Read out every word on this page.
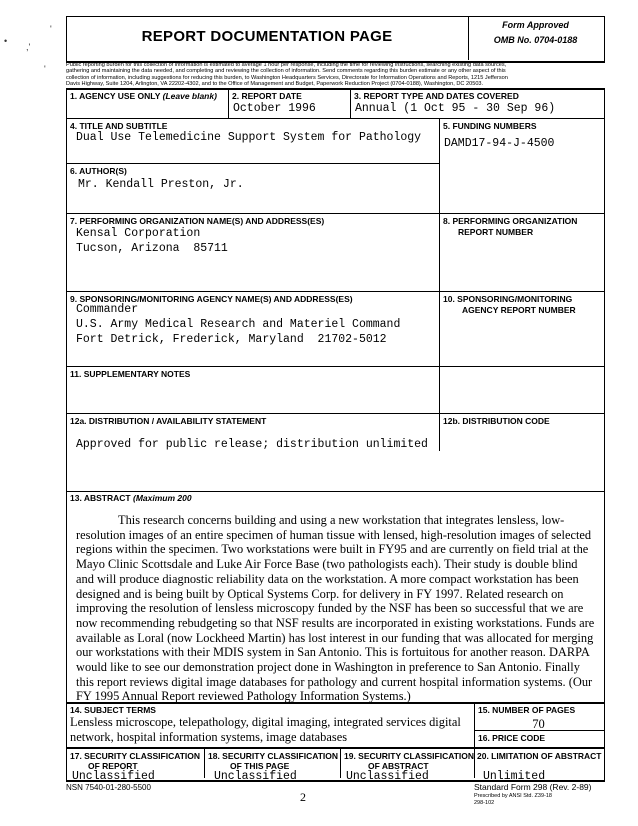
•
,'
'
'
REPORT DOCUMENTATION PAGE
Form Approved
OMB No. 0704-0188
Public reporting burden for this collection of information is estimated to average 1 hour per response, including the time for reviewing instructions, searching existing data sources,
gathering and maintaining the data needed, and completing and reviewing the collection of information. Send comments regarding this burden estimate or any other aspect of this
collection of information, including suggestions for reducing this burden, to Washington Headquarters Services, Directorate for Information Operations and Reports, 1215 Jefferson
Davis Highway, Suite 1204, Arlington, VA 22202-4302, and to the Office of Management and Budget, Paperwork Reduction Project (0704-0188), Washington, DC 20503.
1. AGENCY USE ONLY (Leave blank) 2. REPORT DATE
October 1996
3. REPORT TYPE AND DATES COVERED
Annual (1 Oct 95 - 30 Sep 96)
4. TITLE AND SUBTITLE
Dual Use Telemedicine Support System for Pathology
5. FUNDING NUMBERS
DAMD17-94-J-4500
6. AUTHOR(S)
Mr. Kendall Preston, Jr.
7. PERFORMING ORGANIZATION NAME(S) AND ADDRESS(ES)
Kensal Corporation
Tucson, Arizona  85711
8. PERFORMING ORGANIZATION
REPORT NUMBER
9. SPONSORING/MONITORING AGENCY NAME(S) AND ADDRESS(ES)
Commander
U.S. Army Medical Research and Materiel Command
Fort Detrick, Frederick, Maryland  21702-5012
10. SPONSORING/MONITORING
AGENCY REPORT NUMBER
11. SUPPLEMENTARY NOTES
12a. DISTRIBUTION / AVAILABILITY STATEMENT
Approved for public release; distribution unlimited
12b. DISTRIBUTION CODE
13. ABSTRACT (Maximum 200
This research concerns building and using a new workstation that integrates lensless, low-resolution images of an entire specimen of human tissue with lensed, high-resolution images of selected regions within the specimen. Two workstations were built in FY95 and are currently on field trial at the Mayo Clinic Scottsdale and Luke Air Force Base (two pathologists each). Their study is double blind and will produce diagnostic reliability data on the workstation. A more compact workstation has been designed and is being built by Optical Systems Corp. for delivery in FY 1997. Related research on improving the resolution of lensless microscopy funded by the NSF has been so successful that we are now recommending rebudgeting so that NSF results are incorporated in existing workstations. Funds are available as Loral (now Lockheed Martin) has lost interest in our funding that was allocated for merging our workstations with their MDIS system in San Antonio. This is fortuitous for another reason. DARPA would like to see our demonstration project done in Washington in preference to San Antonio. Finally this report reviews digital image databases for pathology and current hospital information systems. (Our FY 1995 Annual Report reviewed Pathology Information Systems.)
14. SUBJECT TERMS
Lensless microscope, telepathology, digital imaging, integrated services digital network, hospital information systems, image databases
15. NUMBER OF PAGES
70
16. PRICE CODE
17. SECURITY CLASSIFICATION
OF REPORT
Unclassified
18. SECURITY CLASSIFICATION
OF THIS PAGE
Unclassified
19. SECURITY CLASSIFICATION
OF ABSTRACT
Unclassified
20. LIMITATION OF ABSTRACT
Unlimited
NSN 7540-01-280-5500
2
Standard Form 298 (Rev. 2-89)
Prescribed by ANSI Std. Z39-18
298-102
